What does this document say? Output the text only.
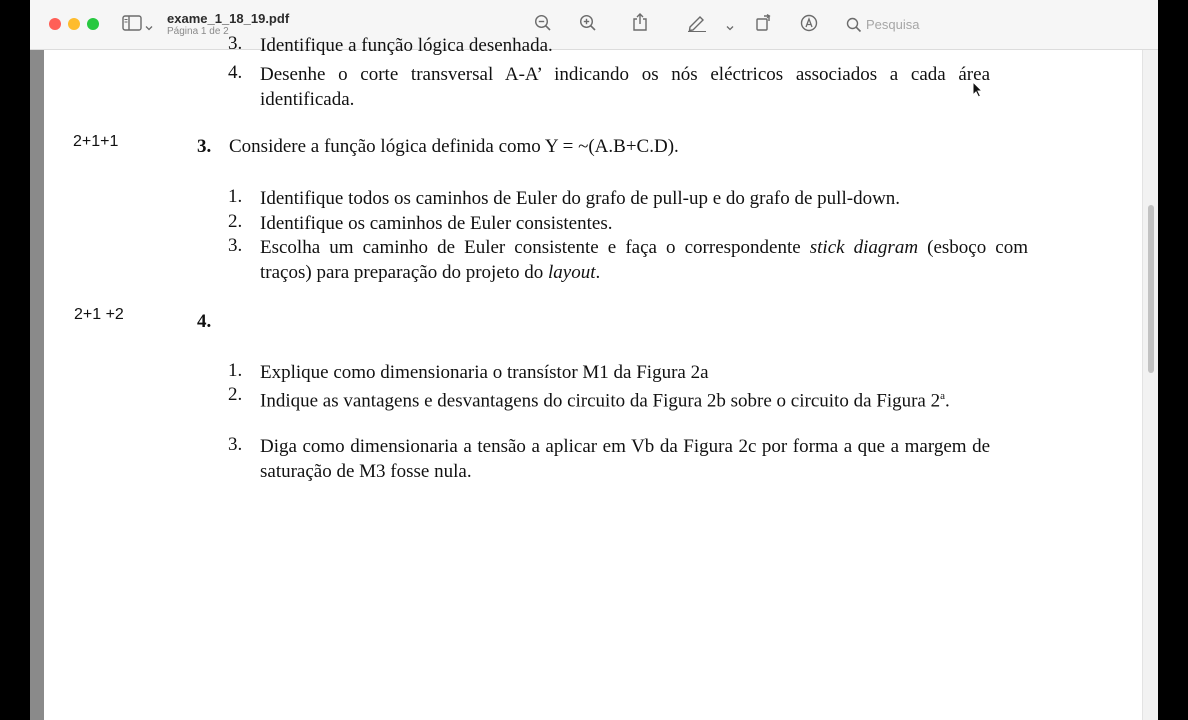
exame_1_18_19.pdf
Página 1 de 2	Pesquisa
3. Identifique a função lógica desenhada.
4. Desenhe o corte transversal A-A’ indicando os nós eléctricos associados a cada área identificada.
2+1+1	3. Considere a função lógica definida como Y = ~(A.B+C.D).
1. Identifique todos os caminhos de Euler do grafo de pull-up e do grafo de pull-down.
2. Identifique os caminhos de Euler consistentes.
3. Escolha um caminho de Euler consistente e faça o correspondente stick diagram (esboço com traços) para preparação do projeto do layout.
2+1 +2	4.
1. Explique como dimensionaria o transístor M1 da Figura 2a
2. Indique as vantagens e desvantagens do circuito da Figura 2b sobre o circuito da Figura 2$^a$.
3. Diga como dimensionaria a tensão a aplicar em Vb da Figura 2c por forma a que a margem de saturação de M3 fosse nula.
